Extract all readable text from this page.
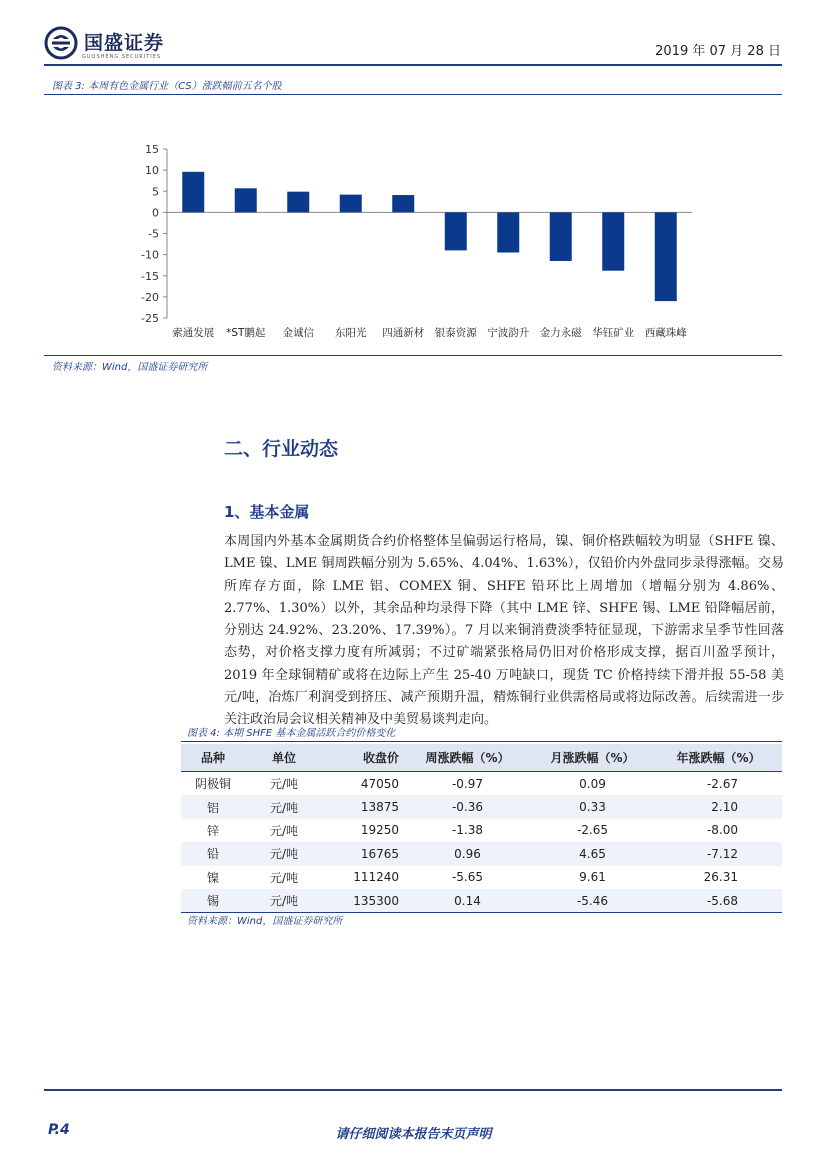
国盛证券
GUOSHENG SECURITIES	2019 年 07 月 28 日
图表 3: 本周有色金属行业（CS）涨跌幅前五名个股
15
10
5
0
-5
-10
-15
-20
-25
索通发展 *ST鹏起 金诚信 东阳光 四通新材 银泰资源 宁波韵升 金力永磁 华钰矿业 西藏珠峰
资料来源：Wind，国盛证券研究所
二、行业动态
1、基本金属
本周国内外基本金属期货合约价格整体呈偏弱运行格局，镍、铜价格跌幅较为明显（SHFE 镍、LME 镍、LME 铜周跌幅分别为 5.65%、4.04%、1.63%），仅铅价内外盘同步录得涨幅。交易所库存方面，除 LME 铝、COMEX 铜、SHFE 铅环比上周增加（增幅分别为 4.86%、2.77%、1.30%）以外，其余品种均录得下降（其中 LME 锌、SHFE 锡、LME 铅降幅居前，分别达 24.92%、23.20%、17.39%）。7 月以来铜消费淡季特征显现，下游需求呈季节性回落态势，对价格支撑力度有所减弱；不过矿端紧张格局仍旧对价格形成支撑，据百川盈孚预计，2019 年全球铜精矿或将在边际上产生 25-40 万吨缺口，现货 TC 价格持续下滑并报 55-58 美元/吨，冶炼厂利润受到挤压、减产预期升温，精炼铜行业供需格局或将边际改善。后续需进一步关注政治局会议相关精神及中美贸易谈判走向。
图表 4: 本期 SHFE 基本金属活跃合约价格变化
品种	单位	收盘价	周涨跌幅（%）	月涨跌幅（%）	年涨跌幅（%）
阴极铜	元/吨	47050	-0.97	0.09	-2.67
铝	元/吨	13875	-0.36	0.33	2.10
锌	元/吨	19250	-1.38	-2.65	-8.00
铅	元/吨	16765	0.96	4.65	-7.12
镍	元/吨	111240	-5.65	9.61	26.31
锡	元/吨	135300	0.14	-5.46	-5.68
资料来源：Wind，国盛证券研究所
P.4	请仔细阅读本报告末页声明
